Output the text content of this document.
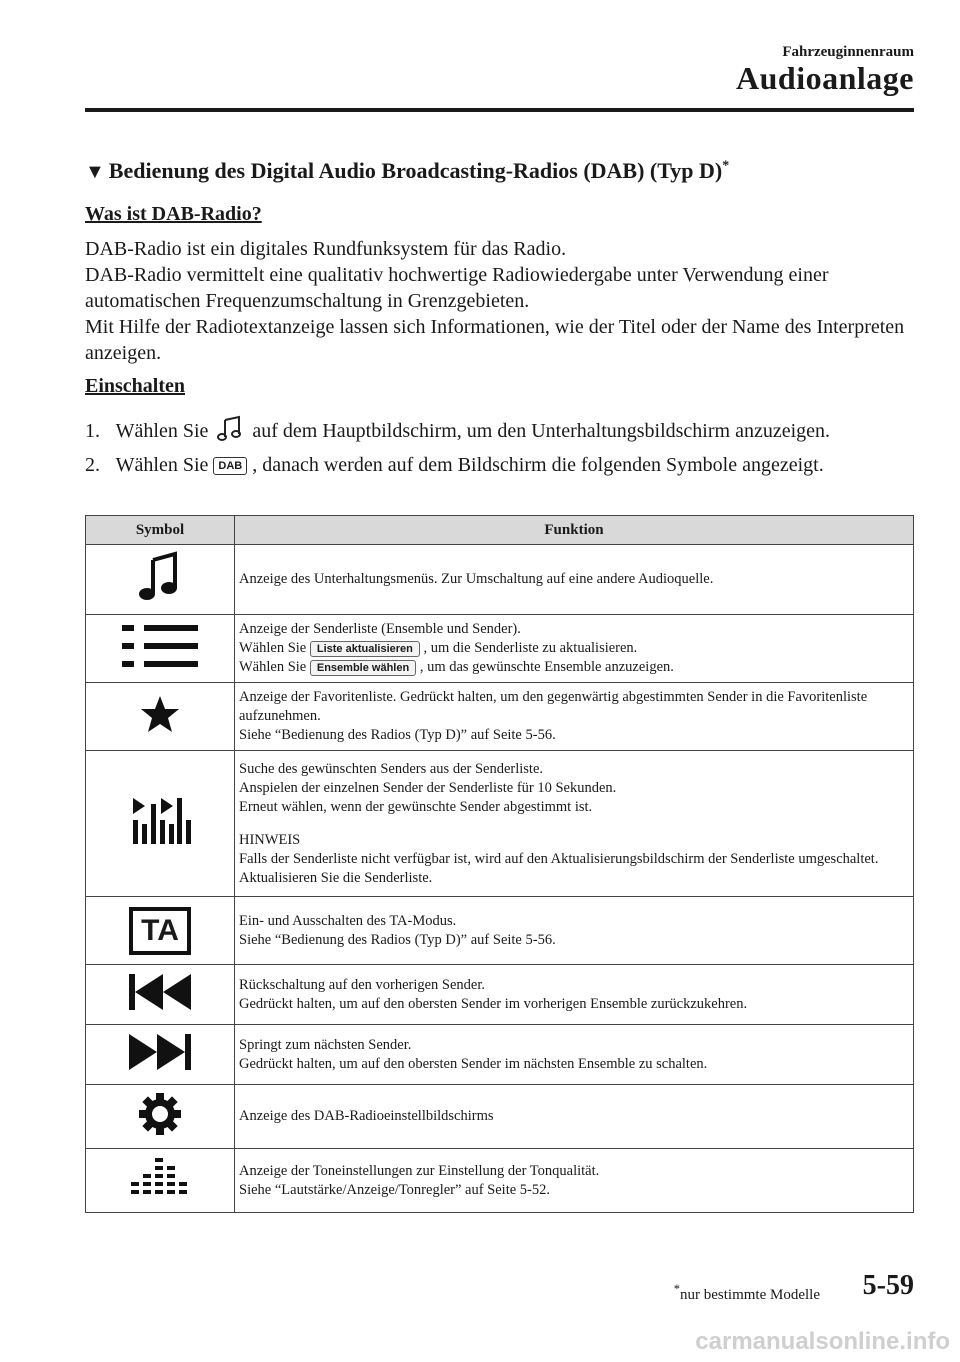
Fahrzeuginnenraum
Audioanlage
▼ Bedienung des Digital Audio Broadcasting-Radios (DAB) (Typ D)*
Was ist DAB-Radio?
DAB-Radio ist ein digitales Rundfunksystem für das Radio.
DAB-Radio vermittelt eine qualitativ hochwertige Radiowiedergabe unter Verwendung einer automatischen Frequenzumschaltung in Grenzgebieten.
Mit Hilfe der Radiotextanzeige lassen sich Informationen, wie der Titel oder der Name des Interpreten anzeigen.
Einschalten
1. Wählen Sie auf dem Hauptbildschirm, um den Unterhaltungsbildschirm anzuzeigen.
2. Wählen Sie DAB , danach werden auf dem Bildschirm die folgenden Symbole angezeigt.
Symbol	Funktion

Anzeige des Unterhaltungsmenüs. Zur Umschaltung auf eine andere Audioquelle.

Anzeige der Senderliste (Ensemble und Sender).
Wählen Sie Liste aktualisieren , um die Senderliste zu aktualisieren.
Wählen Sie Ensemble wählen , um das gewünschte Ensemble anzuzeigen.

Anzeige der Favoritenliste. Gedrückt halten, um den gegenwärtig abgestimmten Sender in die Favoritenliste aufzunehmen.
Siehe “Bedienung des Radios (Typ D)” auf Seite 5-56.

Suche des gewünschten Senders aus der Senderliste.
Anspielen der einzelnen Sender der Senderliste für 10 Sekunden.
Erneut wählen, wenn der gewünschte Sender abgestimmt ist.
HINWEIS
Falls der Senderliste nicht verfügbar ist, wird auf den Aktualisierungsbildschirm der Senderliste umgeschaltet. Aktualisieren Sie die Senderliste.

TA	Ein- und Ausschalten des TA-Modus.
Siehe “Bedienung des Radios (Typ D)” auf Seite 5-56.

Rückschaltung auf den vorherigen Sender.
Gedrückt halten, um auf den obersten Sender im vorherigen Ensemble zurückzukehren.

Springt zum nächsten Sender.
Gedrückt halten, um auf den obersten Sender im nächsten Ensemble zu schalten.

Anzeige des DAB-Radioeinstellbildschirms

Anzeige der Toneinstellungen zur Einstellung der Tonqualität.
Siehe “Lautstärke/Anzeige/Tonregler” auf Seite 5-52.
*nur bestimmte Modelle 5-59
carmanualsonline.info
